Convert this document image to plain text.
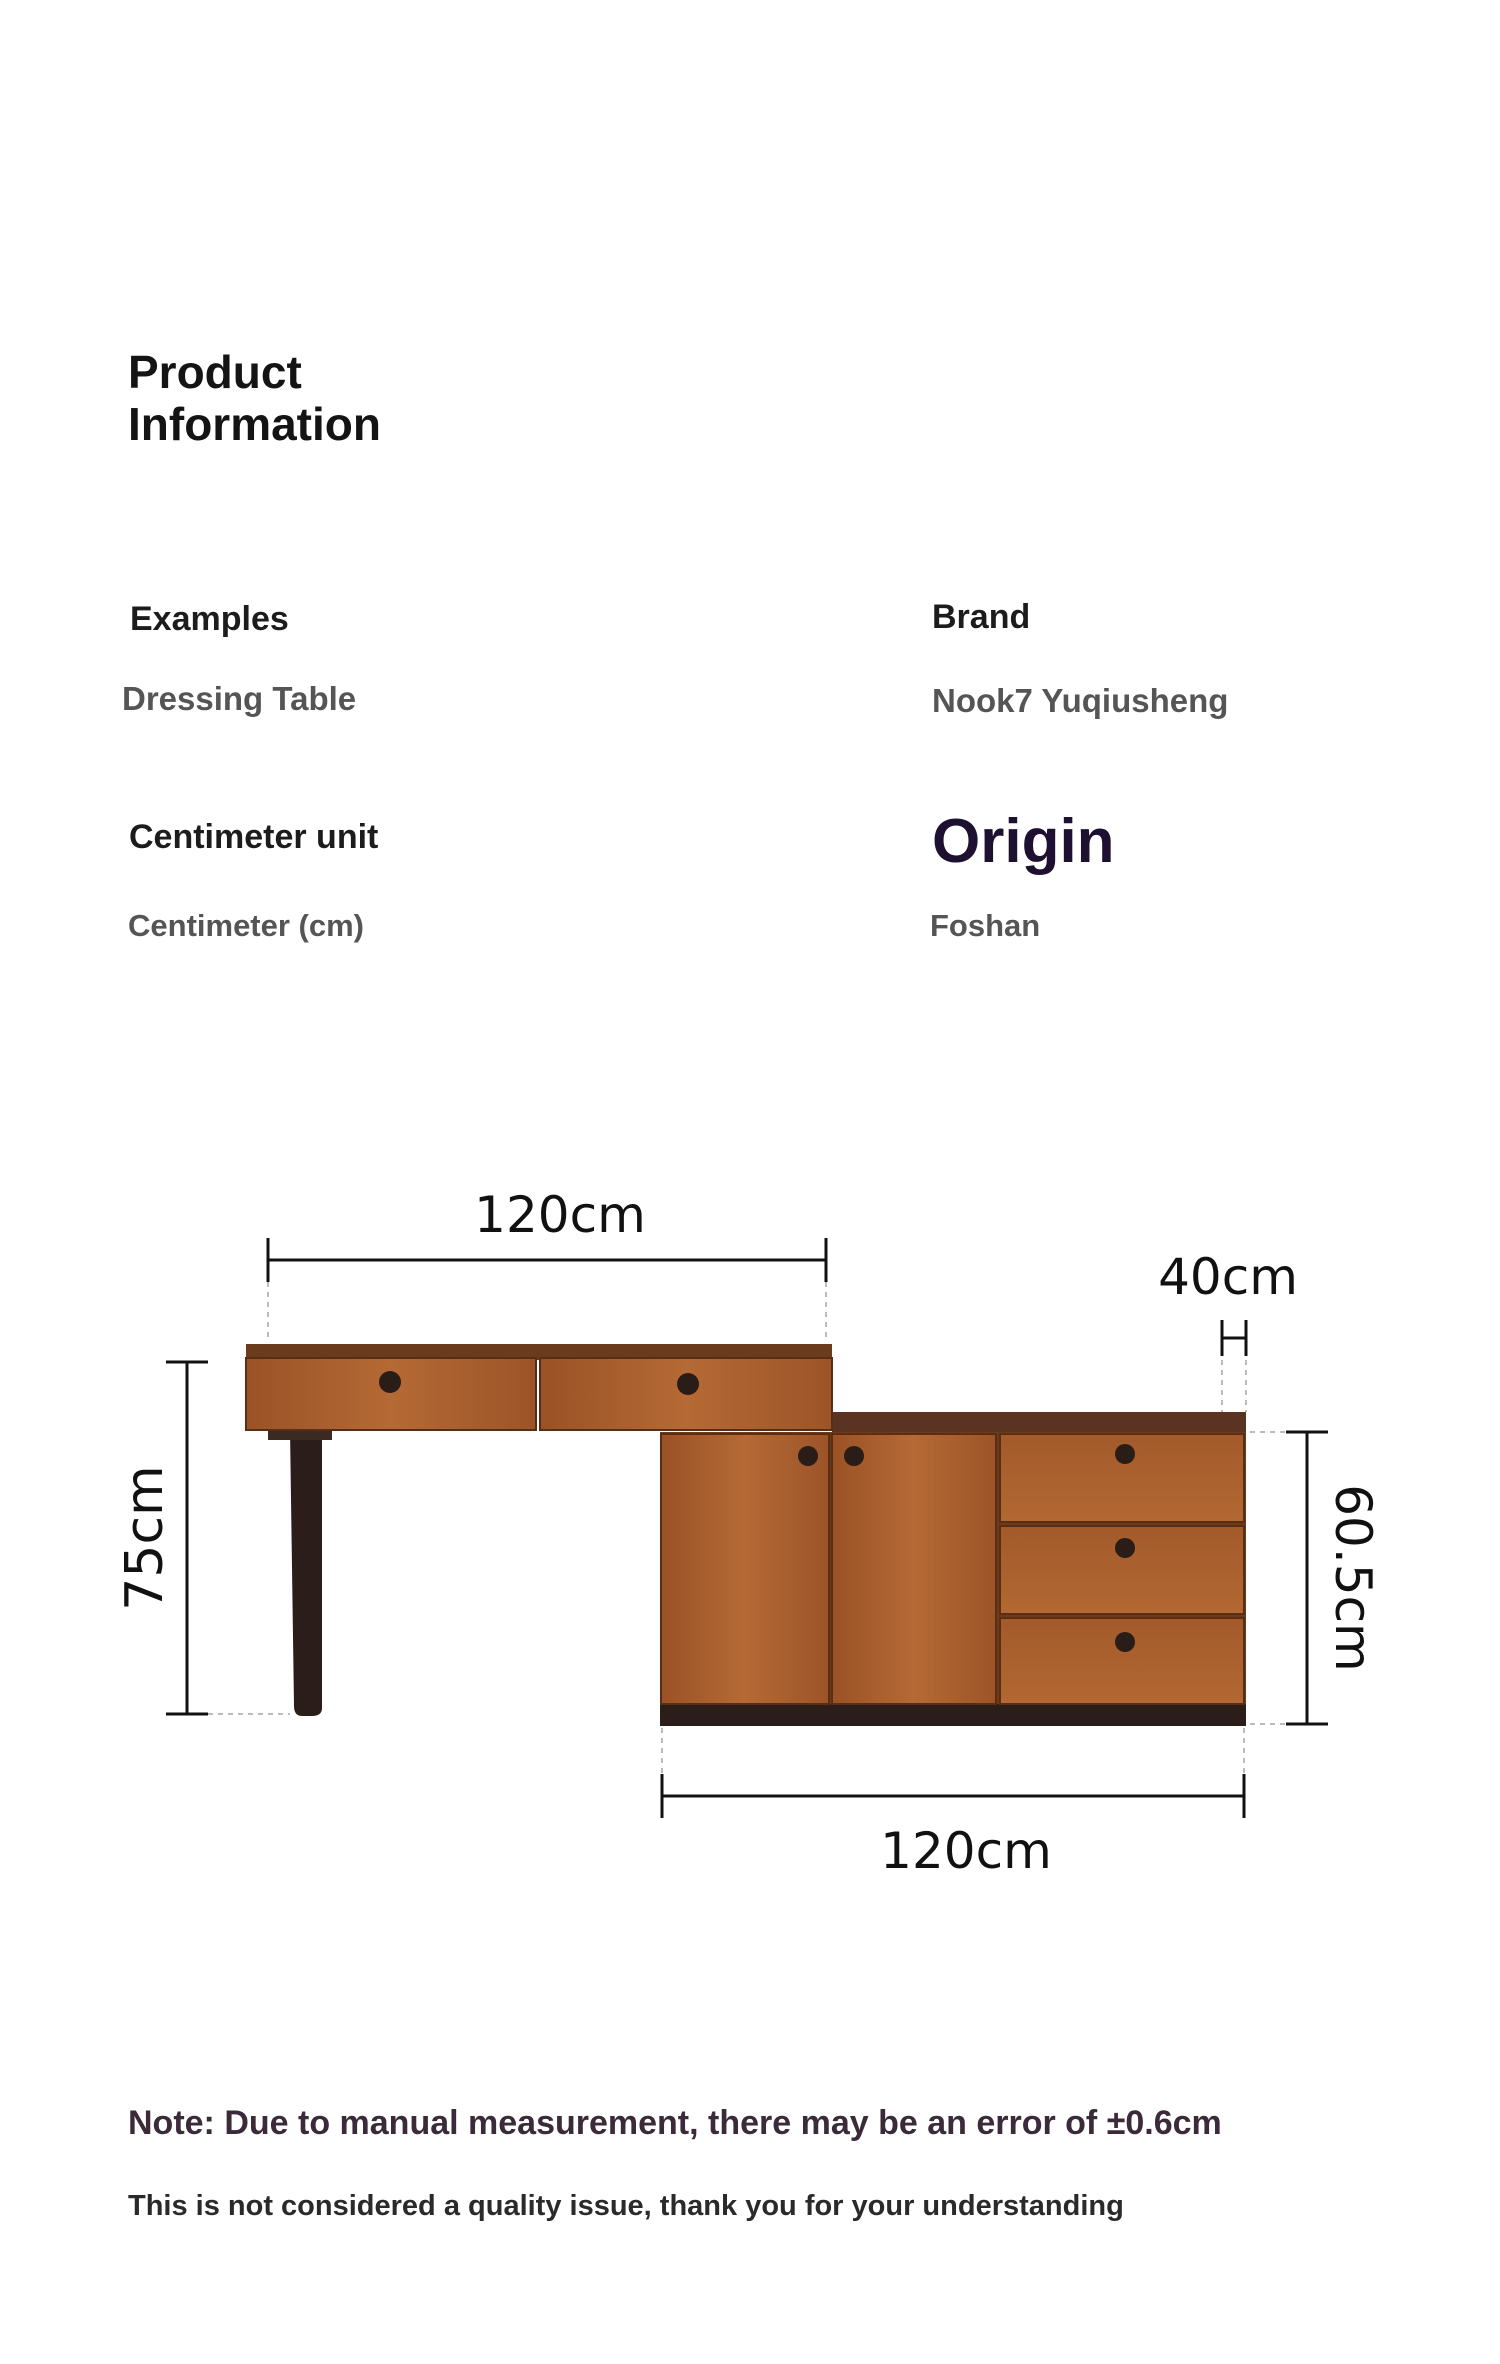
Product
Information
Examples
Dressing Table
Brand
Nook7 Yuqiusheng
Centimeter unit
Centimeter (cm)
Origin
Foshan
120cm
40cm
75cm	60.5cm
120cm
Note: Due to manual measurement, there may be an error of ±0.6cm
This is not considered a quality issue, thank you for your understanding
